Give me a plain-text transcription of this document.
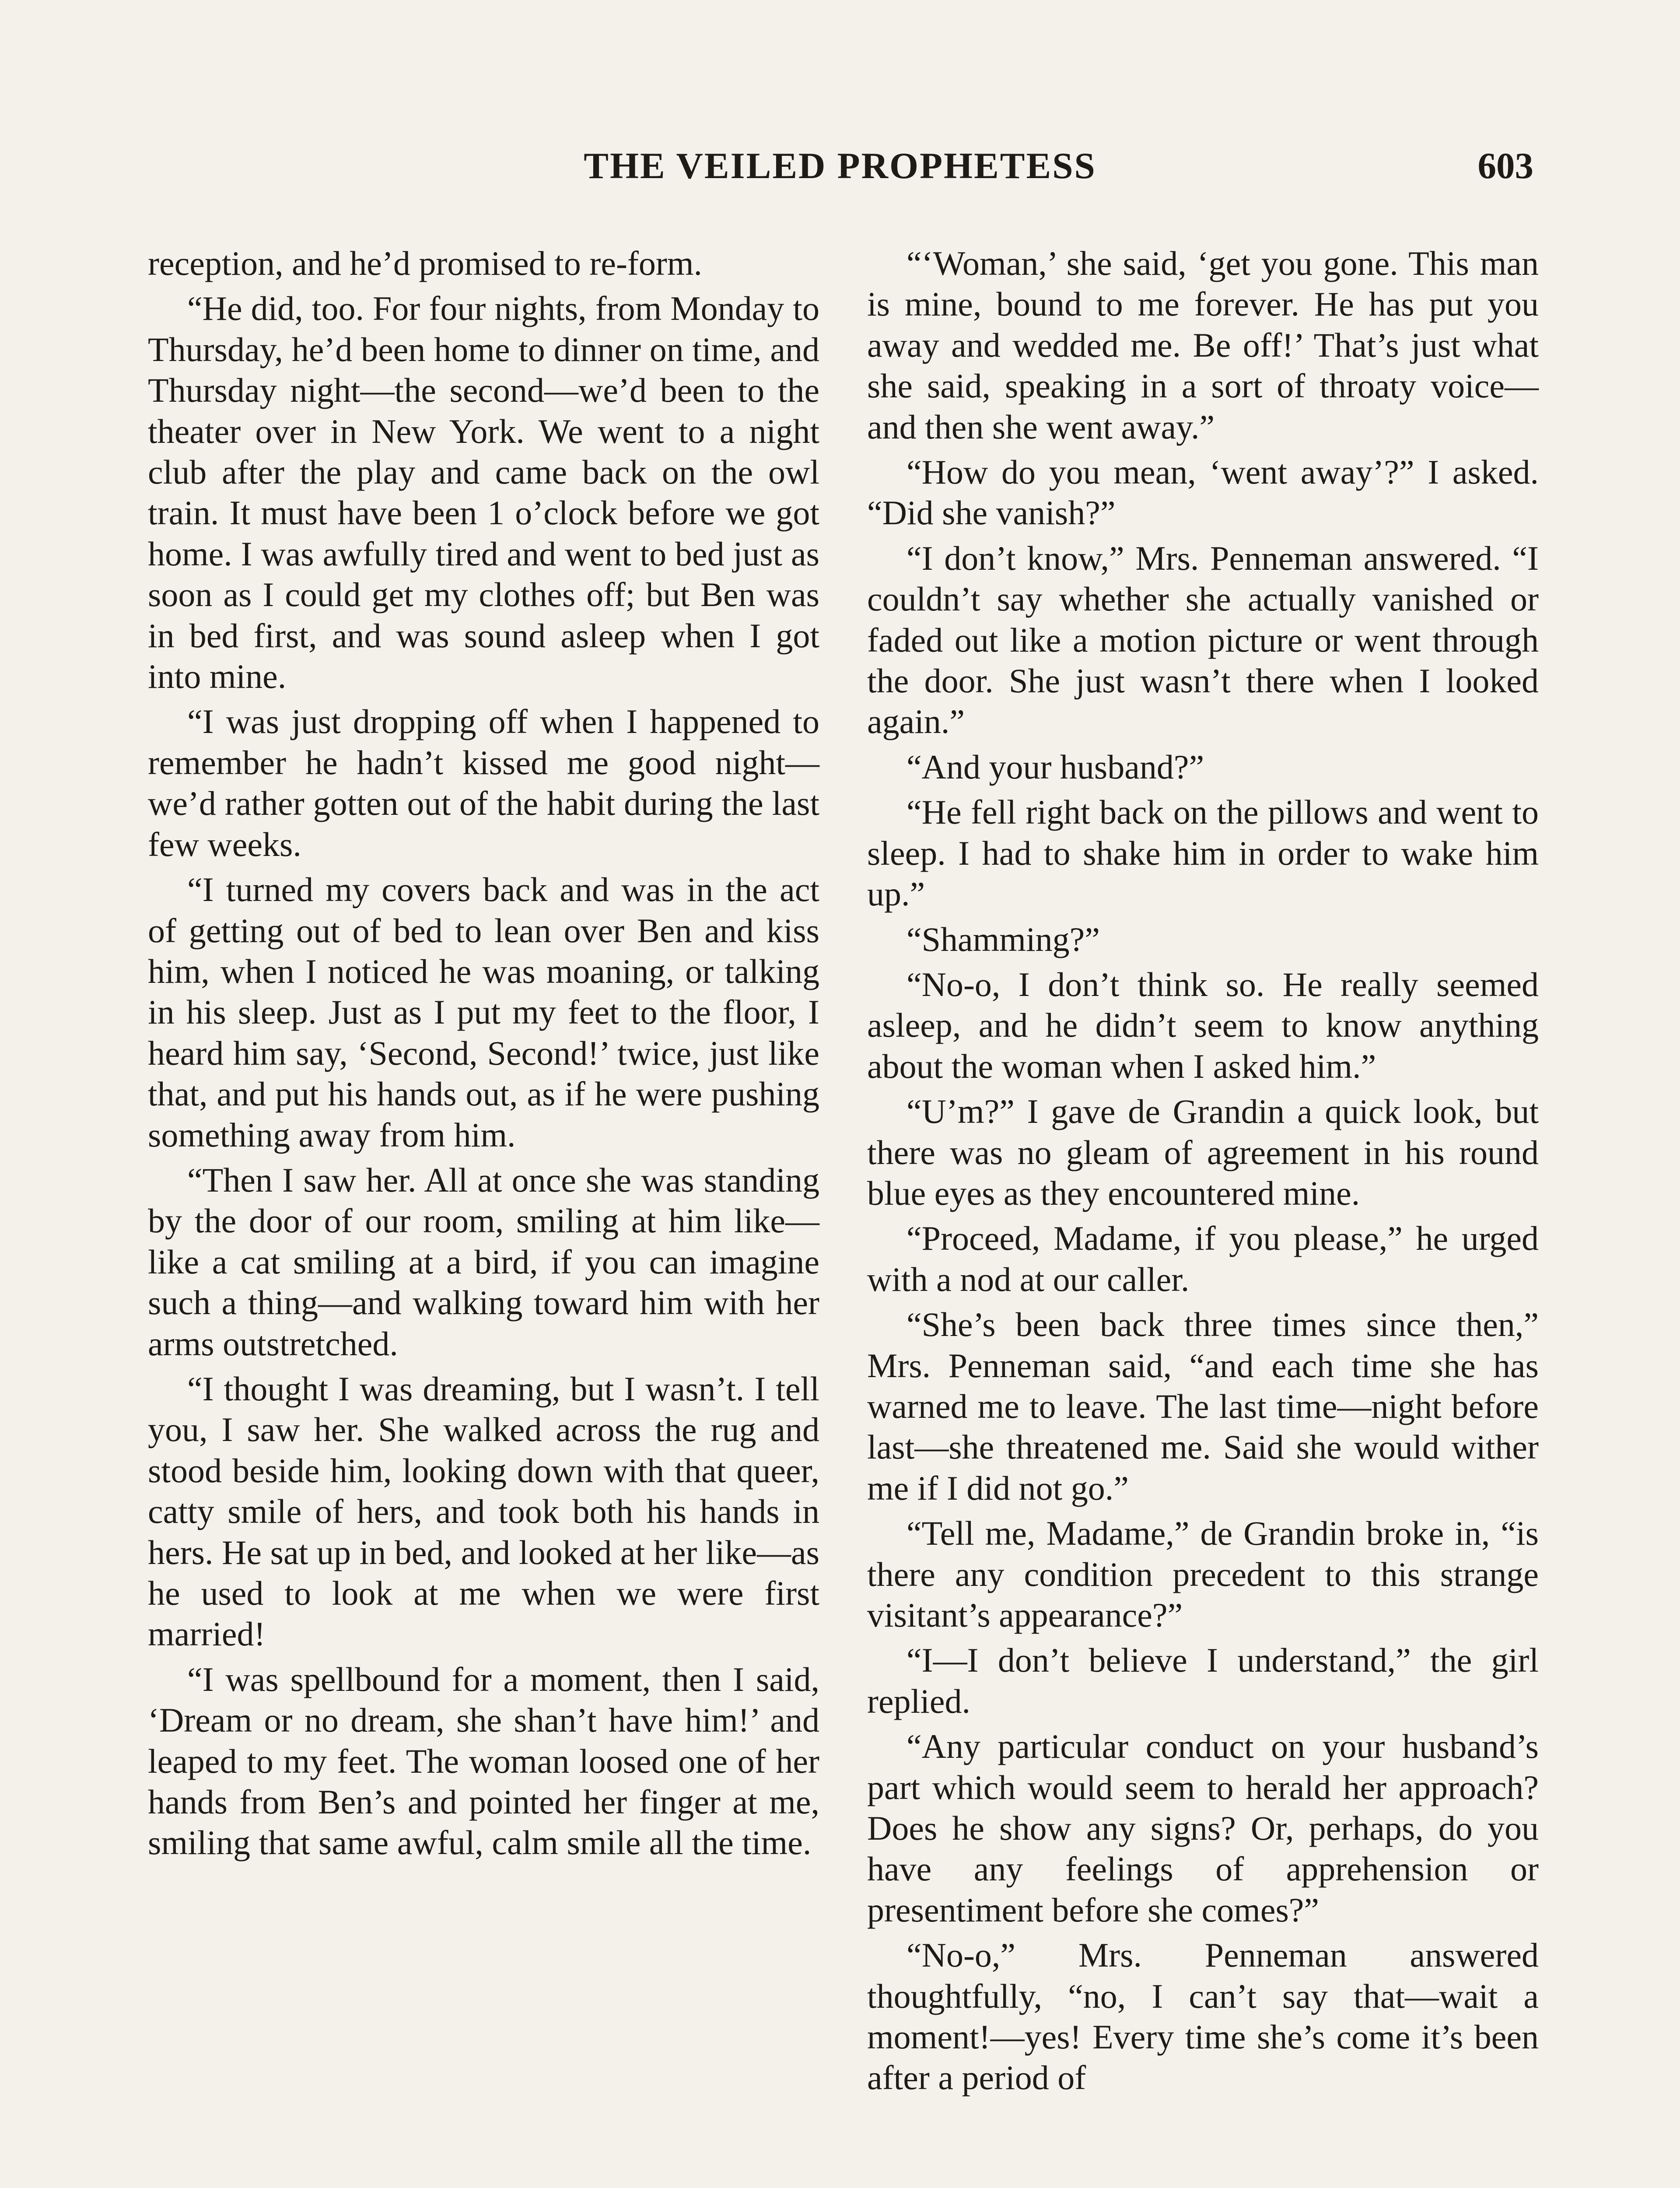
THE VEILED PROPHETESS	603

reception, and he’d promised to re-form.

“He did, too. For four nights, from Monday to Thursday, he’d been home to dinner on time, and Thursday night—the second—we’d been to the theater over in New York. We went to a night club after the play and came back on the owl train. It must have been 1 o’clock before we got home. I was awfully tired and went to bed just as soon as I could get my clothes off; but Ben was in bed first, and was sound asleep when I got into mine.

“I was just dropping off when I happened to remember he hadn’t kissed me good night—we’d rather gotten out of the habit during the last few weeks.

“I turned my covers back and was in the act of getting out of bed to lean over Ben and kiss him, when I noticed he was moaning, or talking in his sleep. Just as I put my feet to the floor, I heard him say, ‘Second, Second!’ twice, just like that, and put his hands out, as if he were pushing something away from him.

“Then I saw her. All at once she was standing by the door of our room, smiling at him like—like a cat smiling at a bird, if you can imagine such a thing—and walking toward him with her arms outstretched.

“I thought I was dreaming, but I wasn’t. I tell you, I saw her. She walked across the rug and stood beside him, looking down with that queer, catty smile of hers, and took both his hands in hers. He sat up in bed, and looked at her like—as he used to look at me when we were first married!

“I was spellbound for a moment, then I said, ‘Dream or no dream, she shan’t have him!’ and leaped to my feet. The woman loosed one of her hands from Ben’s and pointed her finger at me, smiling that same awful, calm smile all the time.

“‘Woman,’ she said, ‘get you gone. This man is mine, bound to me forever. He has put you away and wedded me. Be off!’ That’s just what she said, speaking in a sort of throaty voice—and then she went away.”

“How do you mean, ‘went away’?” I asked. “Did she vanish?”

“I don’t know,” Mrs. Penneman answered. “I couldn’t say whether she actually vanished or faded out like a motion picture or went through the door. She just wasn’t there when I looked again.”

“And your husband?”

“He fell right back on the pillows and went to sleep. I had to shake him in order to wake him up.”

“Shamming?”

“No-o, I don’t think so. He really seemed asleep, and he didn’t seem to know anything about the woman when I asked him.”

“U’m?” I gave de Grandin a quick look, but there was no gleam of agreement in his round blue eyes as they encountered mine.

“Proceed, Madame, if you please,” he urged with a nod at our caller.

“She’s been back three times since then,” Mrs. Penneman said, “and each time she has warned me to leave. The last time—night before last—she threatened me. Said she would wither me if I did not go.”

“Tell me, Madame,” de Grandin broke in, “is there any condition precedent to this strange visitant’s appearance?”

“I—I don’t believe I understand,” the girl replied.

“Any particular conduct on your husband’s part which would seem to herald her approach? Does he show any signs? Or, perhaps, do you have any feelings of apprehension or presentiment before she comes?”

“No-o,” Mrs. Penneman answered thoughtfully, “no, I can’t say that—wait a moment!—yes! Every time she’s come it’s been after a period of
